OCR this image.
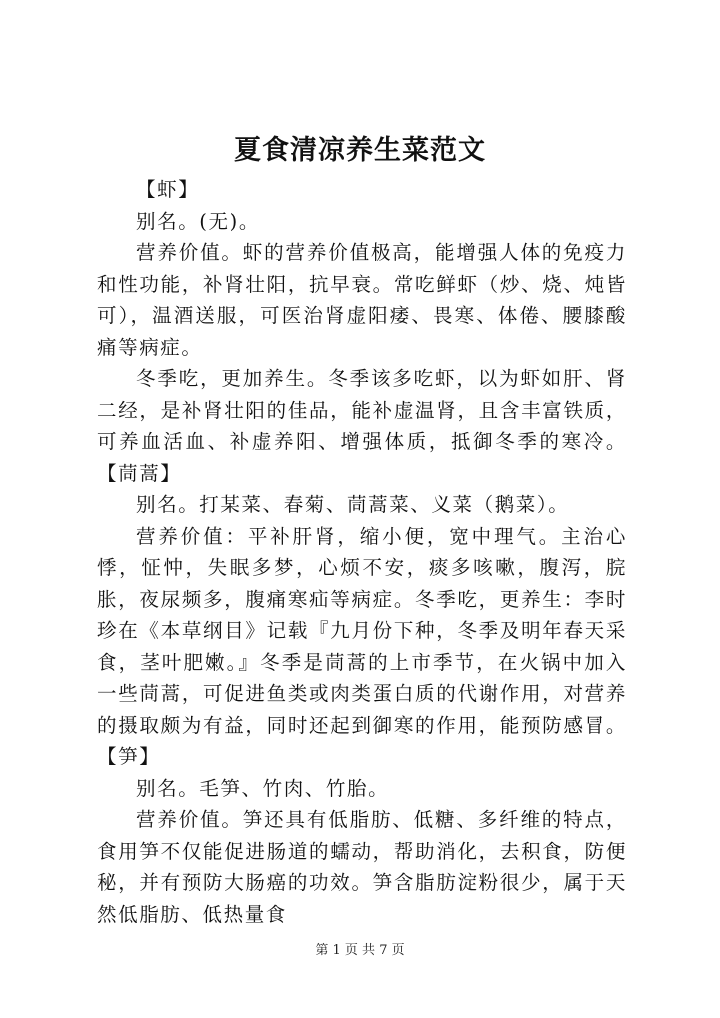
夏食清凉养生菜范文

【虾】

别名。(无)。

营养价值。虾的营养价值极高，能增强人体的免疫力和性功能，补肾壮阳，抗早衰。常吃鲜虾（炒、烧、炖皆可），温酒送服，可医治肾虚阳痿、畏寒、体倦、腰膝酸痛等病症。

冬季吃，更加养生。冬季该多吃虾，以为虾如肝、肾二经，是补肾壮阳的佳品，能补虚温肾，且含丰富铁质，可养血活血、补虚养阳、增强体质，抵御冬季的寒冷。【茼蒿】

别名。打某菜、春菊、茼蒿菜、义菜（鹅菜）。

营养价值：平补肝肾，缩小便，宽中理气。主治心悸，怔忡，失眠多梦，心烦不安，痰多咳嗽，腹泻，脘胀，夜尿频多，腹痛寒疝等病症。冬季吃，更养生：李时珍在《本草纲目》记载『九月份下种，冬季及明年春天采食，茎叶肥嫩。』冬季是茼蒿的上市季节，在火锅中加入一些茼蒿，可促进鱼类或肉类蛋白质的代谢作用，对营养的摄取颇为有益，同时还起到御寒的作用，能预防感冒。【笋】

别名。毛笋、竹肉、竹胎。

营养价值。笋还具有低脂肪、低糖、多纤维的特点，食用笋不仅能促进肠道的蠕动，帮助消化，去积食，防便秘，并有预防大肠癌的功效。笋含脂肪淀粉很少，属于天然低脂肪、低热量食

第 1 页 共 7 页
